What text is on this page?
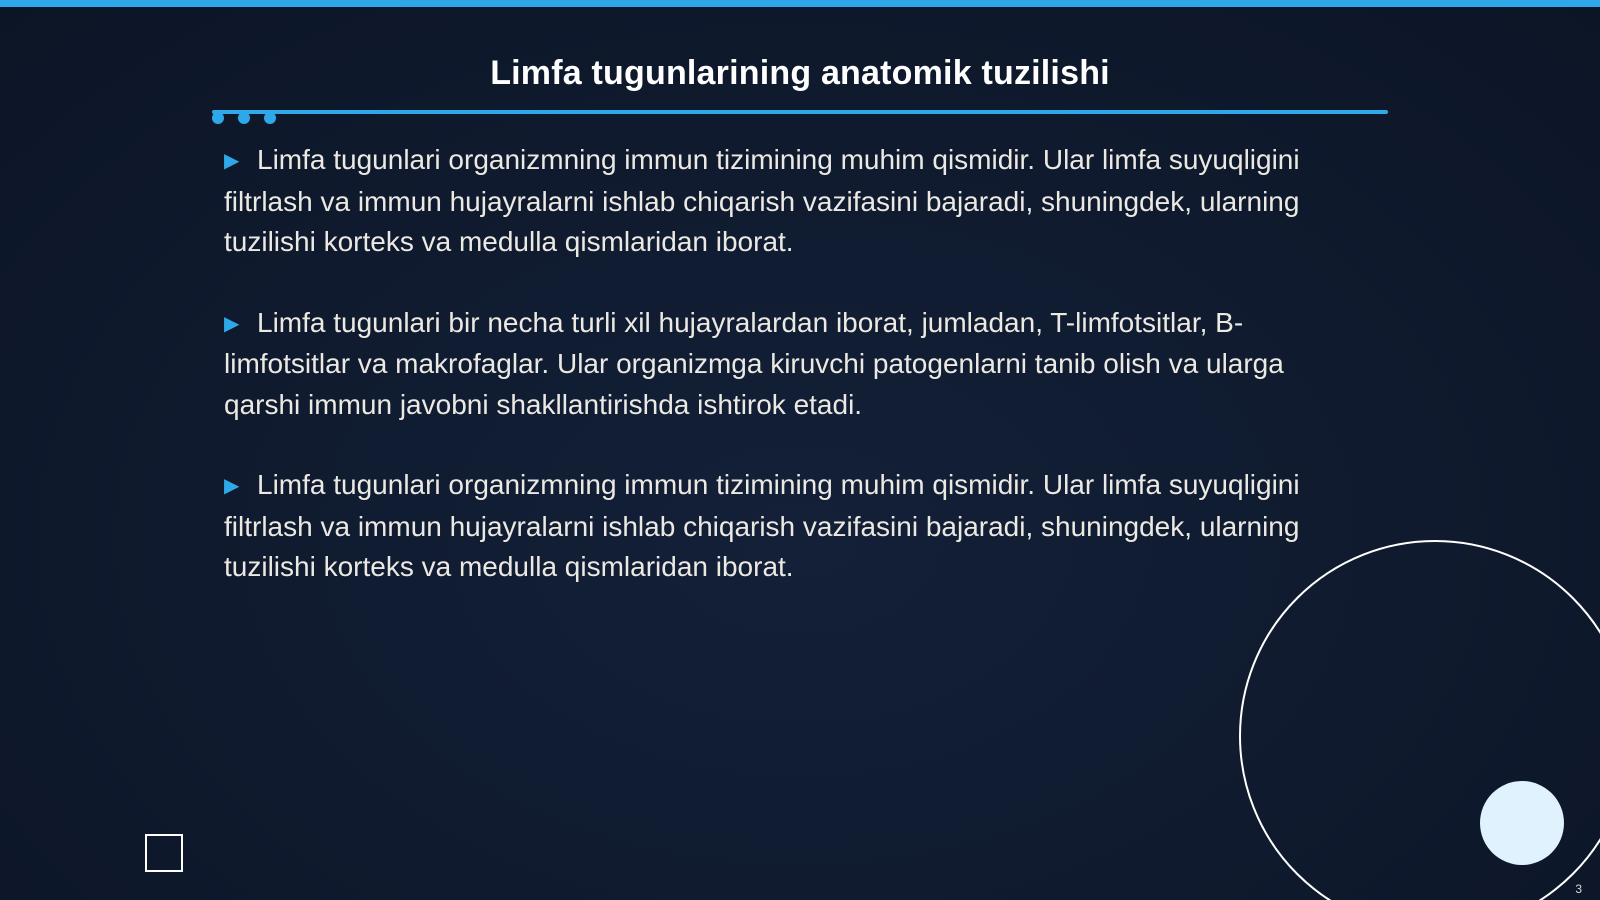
Limfa tugunlarining anatomik tuzilishi

▶ Limfa tugunlari organizmning immun tizimining muhim qismidir. Ular limfa suyuqligini filtrlash va immun hujayralarni ishlab chiqarish vazifasini bajaradi, shuningdek, ularning tuzilishi korteks va medulla qismlaridan iborat.

▶ Limfa tugunlari bir necha turli xil hujayralardan iborat, jumladan, T-limfotsitlar, B-limfotsitlar va makrofaglar. Ular organizmga kiruvchi patogenlarni tanib olish va ularga qarshi immun javobni shakllantirishda ishtirok etadi.

▶ Limfa tugunlari organizmning immun tizimining muhim qismidir. Ular limfa suyuqligini filtrlash va immun hujayralarni ishlab chiqarish vazifasini bajaradi, shuningdek, ularning tuzilishi korteks va medulla qismlaridan iborat.

3
